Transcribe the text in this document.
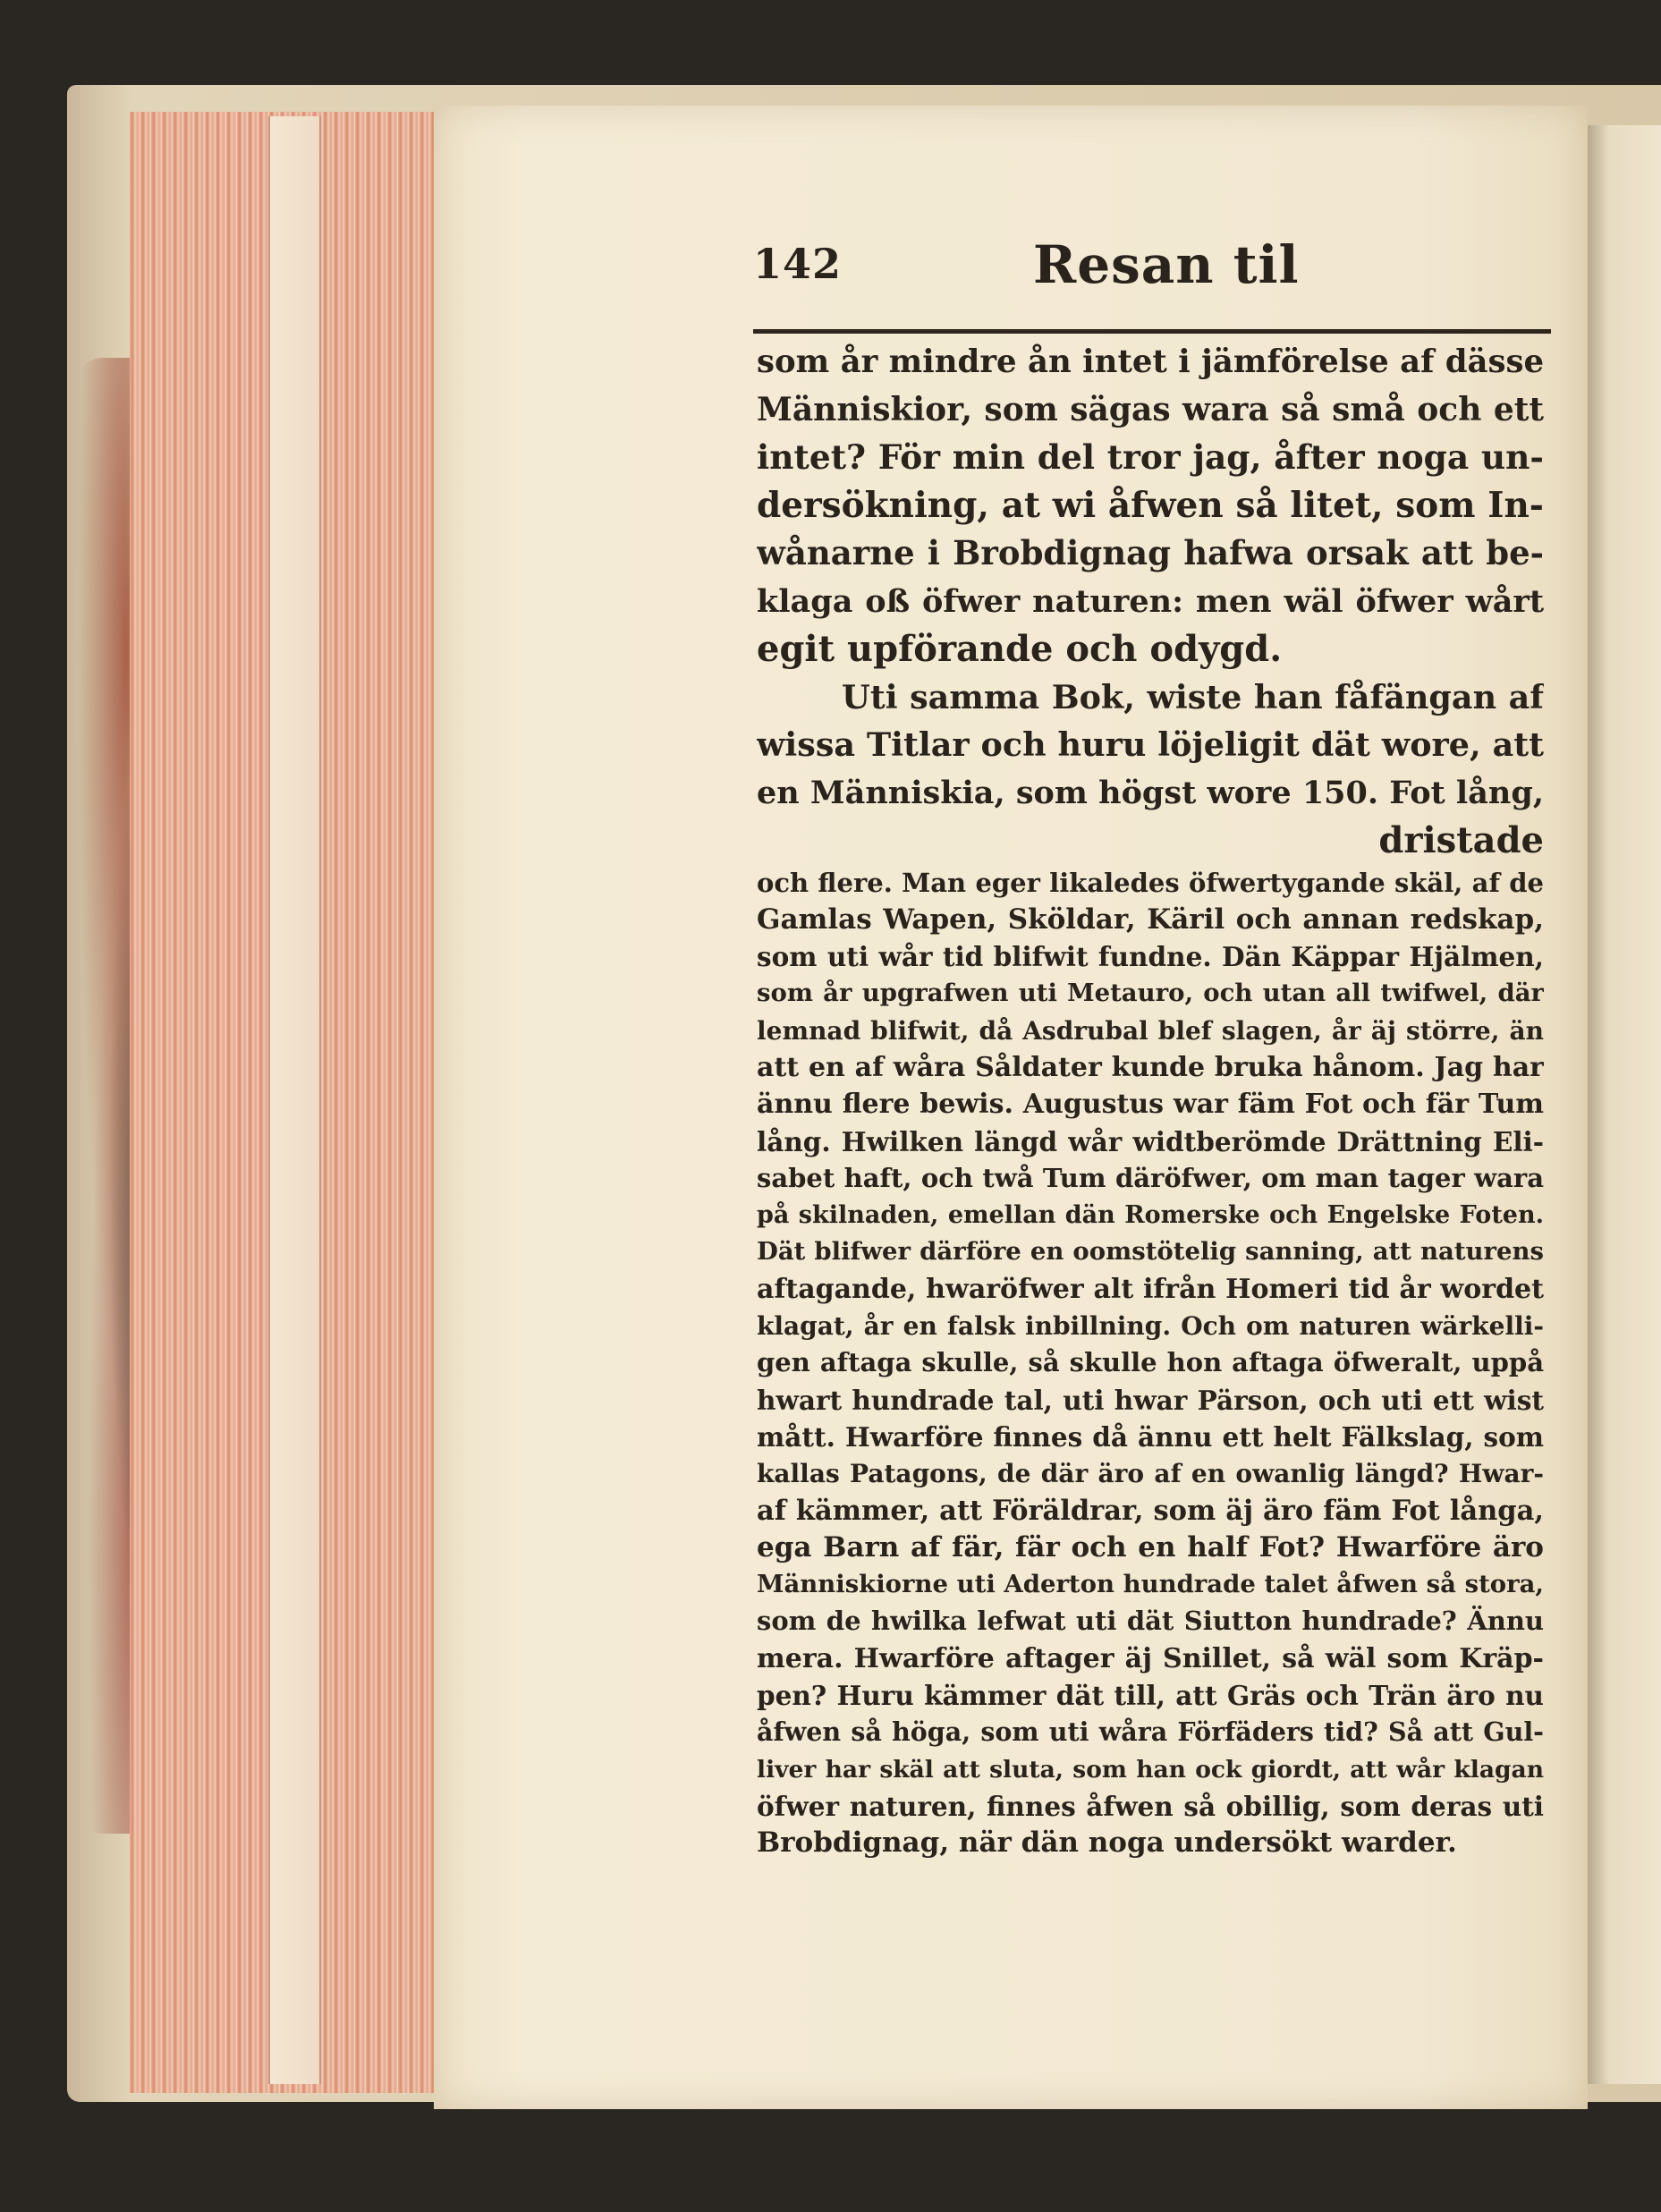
142	Resan til
som år mindre ån intet i jämförelse af dässe
Människior, som sägas wara så små och ett
intet? För min del tror jag, åfter noga un-
dersökning, at wi åfwen så litet, som In-
wånarne i Brobdignag hafwa orsak att be-
klaga oß öfwer naturen: men wäl öfwer wårt
egit upförande och odygd.
Uti samma Bok, wiste han fåfängan af
wissa Titlar och huru löjeligit dät wore, att
en Människia, som högst wore 150. Fot lång,
dristade
och flere. Man eger likaledes öfwertygande skäl, af de
Gamlas Wapen, Sköldar, Käril och annan redskap,
som uti wår tid blifwit fundne. Dän Käppar Hjälmen,
som år upgrafwen uti Metauro, och utan all twifwel, där
lemnad blifwit, då Asdrubal blef slagen, år äj större, än
att en af wåra Såldater kunde bruka hånom. Jag har
ännu flere bewis. Augustus war fäm Fot och fär Tum
lång. Hwilken längd wår widtberömde Drättning Eli-
sabet haft, och twå Tum däröfwer, om man tager wara
på skilnaden, emellan dän Romerske och Engelske Foten.
Dät blifwer därföre en oomstötelig sanning, att naturens
aftagande, hwaröfwer alt ifrån Homeri tid år wordet
klagat, år en falsk inbillning. Och om naturen wärkelli-
gen aftaga skulle, så skulle hon aftaga öfweralt, uppå
hwart hundrade tal, uti hwar Pärson, och uti ett wist
mått. Hwarföre finnes då ännu ett helt Fälkslag, som
kallas Patagons, de där äro af en owanlig längd? Hwar-
af kämmer, att Föräldrar, som äj äro fäm Fot långa,
ega Barn af fär, fär och en half Fot? Hwarföre äro
Människiorne uti Aderton hundrade talet åfwen så stora,
som de hwilka lefwat uti dät Siutton hundrade? Ännu
mera. Hwarföre aftager äj Snillet, så wäl som Kräp-
pen? Huru kämmer dät till, att Gräs och Trän äro nu
åfwen så höga, som uti wåra Förfäders tid? Så att Gul-
liver har skäl att sluta, som han ock giordt, att wår klagan
öfwer naturen, finnes åfwen så obillig, som deras uti
Brobdignag, när dän noga undersökt warder.
